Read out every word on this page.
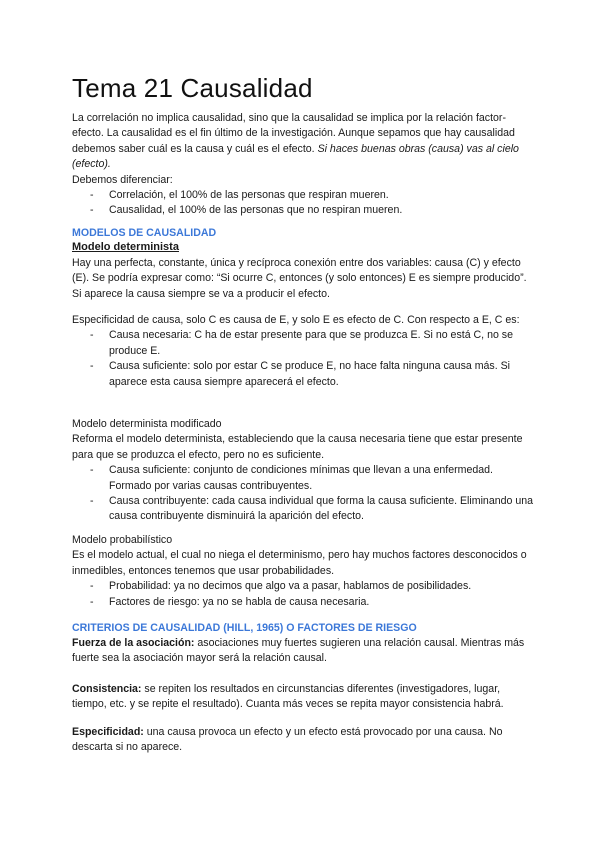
Tema 21 Causalidad

La correlación no implica causalidad, sino que la causalidad se implica por la relación factor-efecto. La causalidad es el fin último de la investigación. Aunque sepamos que hay causalidad debemos saber cuál es la causa y cuál es el efecto. Si haces buenas obras (causa) vas al cielo (efecto).

Debemos diferenciar:

- Correlación, el 100% de las personas que respiran mueren.
- Causalidad, el 100% de las personas que no respiran mueren.
MODELOS DE CAUSALIDAD
Modelo determinista

Hay una perfecta, constante, única y recíproca conexión entre dos variables: causa (C) y efecto (E). Se podría expresar como: “Si ocurre C, entonces (y solo entonces) E es siempre producido”. Si aparece la causa siempre se va a producir el efecto.

Especificidad de causa, solo C es causa de E, y solo E es efecto de C. Con respecto a E, C es:

- Causa necesaria: C ha de estar presente para que se produzca E. Si no está C, no se produce E.
- Causa suficiente: solo por estar C se produce E, no hace falta ninguna causa más. Si aparece esta causa siempre aparecerá el efecto.

Modelo determinista modificado

Reforma el modelo determinista, estableciendo que la causa necesaria tiene que estar presente para que se produzca el efecto, pero no es suficiente.

- Causa suficiente: conjunto de condiciones mínimas que llevan a una enfermedad. Formado por varias causas contribuyentes.
- Causa contribuyente: cada causa individual que forma la causa suficiente. Eliminando una causa contribuyente disminuirá la aparición del efecto.

Modelo probabilístico

Es el modelo actual, el cual no niega el determinismo, pero hay muchos factores desconocidos o inmedibles, entonces tenemos que usar probabilidades.

- Probabilidad: ya no decimos que algo va a pasar, hablamos de posibilidades.
- Factores de riesgo: ya no se habla de causa necesaria.
CRITERIOS DE CAUSALIDAD (HILL, 1965) O FACTORES DE RIESGO

Fuerza de la asociación: asociaciones muy fuertes sugieren una relación causal. Mientras más fuerte sea la asociación mayor será la relación causal.

Consistencia: se repiten los resultados en circunstancias diferentes (investigadores, lugar, tiempo, etc. y se repite el resultado). Cuanta más veces se repita mayor consistencia habrá.

Especificidad: una causa provoca un efecto y un efecto está provocado por una causa. No descarta si no aparece.
